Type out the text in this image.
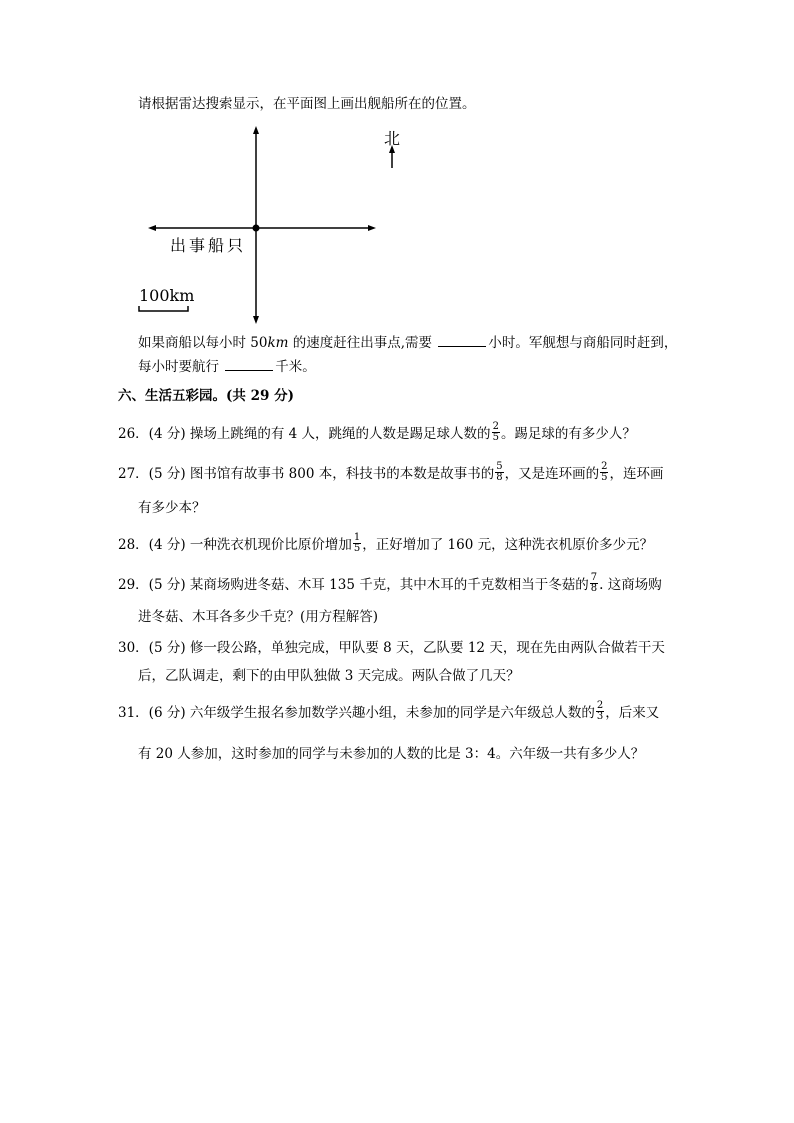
请根据雷达搜索显示，在平面图上画出舰船所在的位置。
北
出事船只
100km
如果商船以每小时 50km 的速度赶往出事点,需要	小时。军舰想与商船同时赶到，
每小时要航行	千米。
六、生活五彩园。(共 29 分)
26．(4 分) 操场上跳绳的有 4 人，跳绳的人数是踢足球人数的 $\frac{2}{5}$ 。踢足球的有多少人？
27．(5 分) 图书馆有故事书 800 本，科技书的本数是故事书的 $\frac{5}{8}$ ，又是连环画的 $\frac{2}{5}$ ，连环画
有多少本？
28．(4 分) 一种洗衣机现价比原价增加 $\frac{1}{5}$ ，正好增加了 160 元，这种洗衣机原价多少元？
29．(5 分) 某商场购进冬菇、木耳 135 千克，其中木耳的千克数相当于冬菇的 $\frac{7}{8}$ . 这商场购
进冬菇、木耳各多少千克？(用方程解答)
30．(5 分) 修一段公路，单独完成，甲队要 8 天，乙队要 12 天，现在先由两队合做若干天
后，乙队调走，剩下的由甲队独做 3 天完成。两队合做了几天？
31．(6 分) 六年级学生报名参加数学兴趣小组，未参加的同学是六年级总人数的 $\frac{2}{3}$ ，后来又
有 20 人参加，这时参加的同学与未参加的人数的比是 3：4。六年级一共有多少人？
